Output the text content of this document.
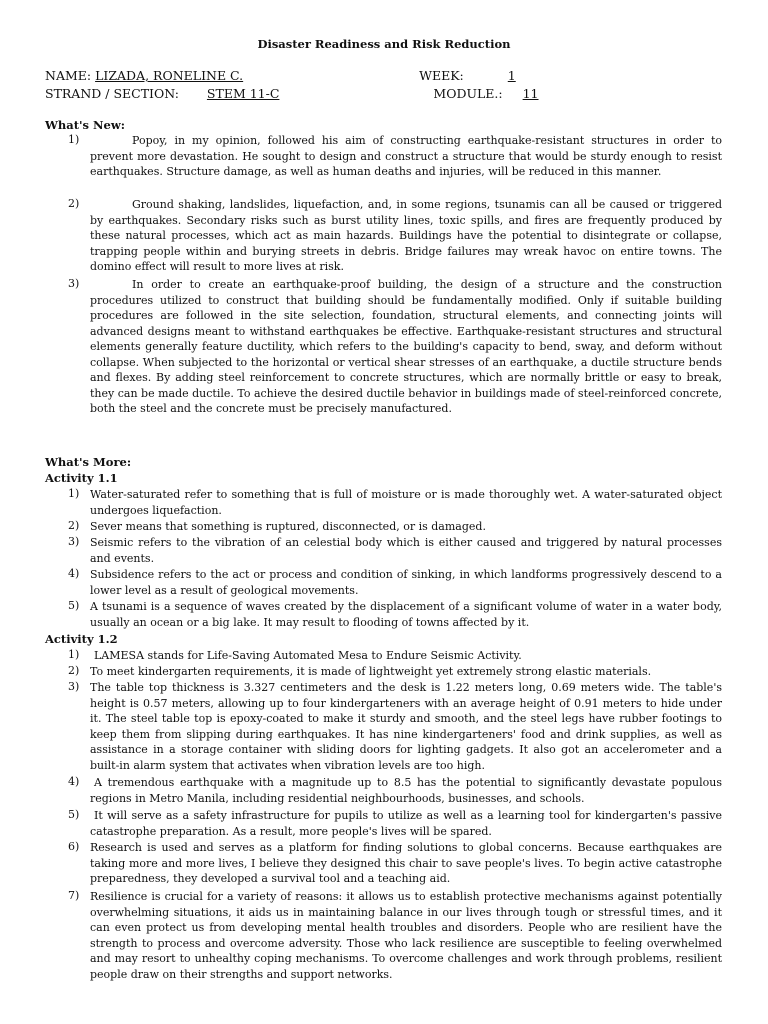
Disaster Readiness and Risk Reduction
NAME: LIZADA, RONELINE C.	WEEK:	1
STRAND / SECTION: STEM 11-C	MODULE.: 11
What's New:
1)	Popoy, in my opinion, followed his aim of constructing earthquake-resistant structures in order to prevent more devastation. He sought to design and construct a structure that would be sturdy enough to resist earthquakes. Structure damage, as well as human deaths and injuries, will be reduced in this manner.
2)	Ground shaking, landslides, liquefaction, and, in some regions, tsunamis can all be caused or triggered by earthquakes. Secondary risks such as burst utility lines, toxic spills, and fires are frequently produced by these natural processes, which act as main hazards. Buildings have the potential to disintegrate or collapse, trapping people within and burying streets in debris. Bridge failures may wreak havoc on entire towns. The domino effect will result to more lives at risk.
3)	In order to create an earthquake-proof building, the design of a structure and the construction procedures utilized to construct that building should be fundamentally modified. Only if suitable building procedures are followed in the site selection, foundation, structural elements, and connecting joints will advanced designs meant to withstand earthquakes be effective. Earthquake-resistant structures and structural elements generally feature ductility, which refers to the building's capacity to bend, sway, and deform without collapse. When subjected to the horizontal or vertical shear stresses of an earthquake, a ductile structure bends and flexes. By adding steel reinforcement to concrete structures, which are normally brittle or easy to break, they can be made ductile. To achieve the desired ductile behavior in buildings made of steel-reinforced concrete, both the steel and the concrete must be precisely manufactured.
What's More:
Activity 1.1
1) Water-saturated refer to something that is full of moisture or is made thoroughly wet. A water-saturated object undergoes liquefaction.
2) Sever means that something is ruptured, disconnected, or is damaged.
3) Seismic refers to the vibration of an celestial body which is either caused and triggered by natural processes and events.
4) Subsidence refers to the act or process and condition of sinking, in which landforms progressively descend to a lower level as a result of geological movements.
5) A tsunami is a sequence of waves created by the displacement of a significant volume of water in a water body, usually an ocean or a big lake. It may result to flooding of towns affected by it.
Activity 1.2
1)	LAMESA stands for Life-Saving Automated Mesa to Endure Seismic Activity.
2) To meet kindergarten requirements, it is made of lightweight yet extremely strong elastic materials.
3) The table top thickness is 3.327 centimeters and the desk is 1.22 meters long, 0.69 meters wide. The table's height is 0.57 meters, allowing up to four kindergarteners with an average height of 0.91 meters to hide under it. The steel table top is epoxy-coated to make it sturdy and smooth, and the steel legs have rubber footings to keep them from slipping during earthquakes. It has nine kindergarteners' food and drink supplies, as well as assistance in a storage container with sliding doors for lighting gadgets. It also got an accelerometer and a built-in alarm system that activates when vibration levels are too high.
4)	A tremendous earthquake with a magnitude up to 8.5 has the potential to significantly devastate populous regions in Metro Manila, including residential neighbourhoods, businesses, and schools.
5)	It will serve as a safety infrastructure for pupils to utilize as well as a learning tool for kindergarten's passive catastrophe preparation. As a result, more people's lives will be spared.
6) Research is used and serves as a platform for finding solutions to global concerns. Because earthquakes are taking more and more lives, I believe they designed this chair to save people's lives. To begin active catastrophe preparedness, they developed a survival tool and a teaching aid.
7) Resilience is crucial for a variety of reasons: it allows us to establish protective mechanisms against potentially overwhelming situations, it aids us in maintaining balance in our lives through tough or stressful times, and it can even protect us from developing mental health troubles and disorders. People who are resilient have the strength to process and overcome adversity. Those who lack resilience are susceptible to feeling overwhelmed and may resort to unhealthy coping mechanisms. To overcome challenges and work through problems, resilient people draw on their strengths and support networks.
